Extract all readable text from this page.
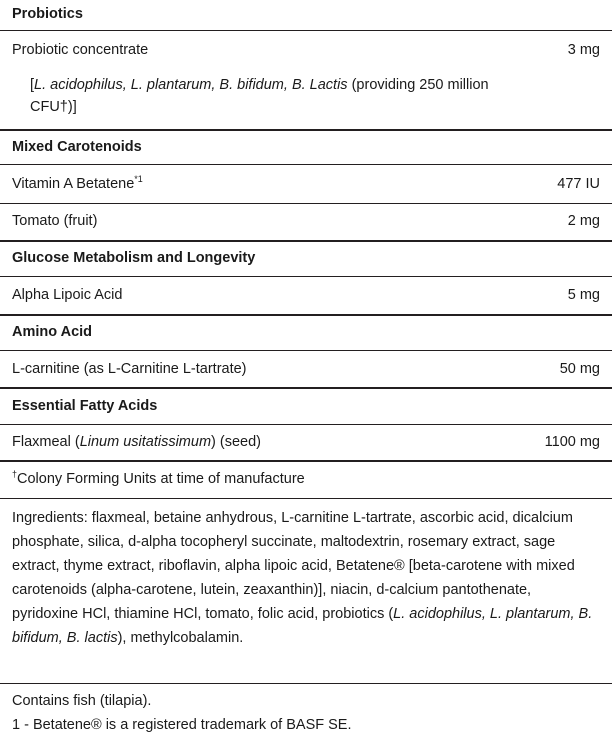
Probiotics
Probiotic concentrate	3 mg
[L. acidophilus, L. plantarum, B. bifidum, B. Lactis (providing 250 million CFU†)]
Mixed Carotenoids
Vitamin A Betatene$^{*1}$	477 IU
Tomato (fruit)	2 mg
Glucose Metabolism and Longevity
Alpha Lipoic Acid	5 mg
Amino Acid
L-carnitine (as L-Carnitine L-tartrate)	50 mg
Essential Fatty Acids
Flaxmeal (Linum usitatissimum) (seed)	1100 mg
†Colony Forming Units at time of manufacture
Ingredients: flaxmeal, betaine anhydrous, L-carnitine L-tartrate, ascorbic acid, dicalcium phosphate, silica, d-alpha tocopheryl succinate, maltodextrin, rosemary extract, sage extract, thyme extract, riboflavin, alpha lipoic acid, Betatene® [beta-carotene with mixed carotenoids (alpha-carotene, lutein, zeaxanthin)], niacin, d-calcium pantothenate, pyridoxine HCl, thiamine HCl, tomato, folic acid, probiotics (L. acidophilus, L. plantarum, B. bifidum, B. lactis), methylcobalamin.
Contains fish (tilapia).
1 - Betatene® is a registered trademark of BASF SE.
